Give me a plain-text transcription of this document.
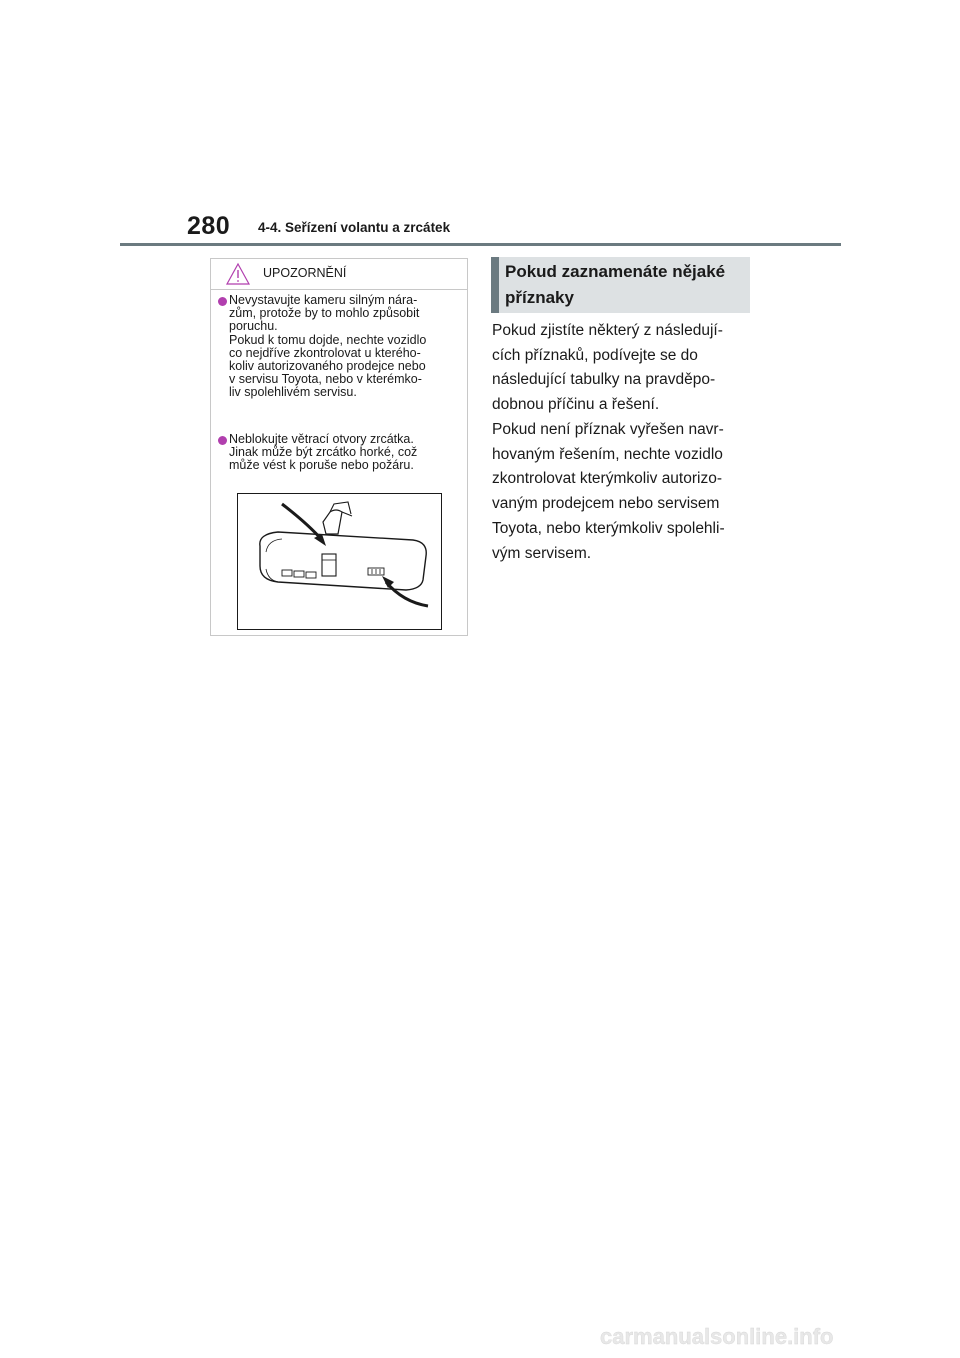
280 4-4. Seřízení volantu a zrcátek
UPOZORNĚNÍ
Nevystavujte kameru silným nára-
zům, protože by to mohlo způsobit
poruchu.
Pokud k tomu dojde, nechte vozidlo
co nejdříve zkontrolovat u kterého-
koliv autorizovaného prodejce nebo
v servisu Toyota, nebo v kterémko-
liv spolehlivém servisu.
Neblokujte větrací otvory zrcátka.
Jinak může být zrcátko horké, což
může vést k poruše nebo požáru.
Pokud zaznamenáte nějaké
příznaky
Pokud zjistíte některý z následují-
cích příznaků, podívejte se do
následující tabulky na pravděpo-
dobnou příčinu a řešení.
Pokud není příznak vyřešen navr-
hovaným řešením, nechte vozidlo
zkontrolovat kterýmkoliv autorizo-
vaným prodejcem nebo servisem
Toyota, nebo kterýmkoliv spolehli-
vým servisem.
carmanualsonline.info
